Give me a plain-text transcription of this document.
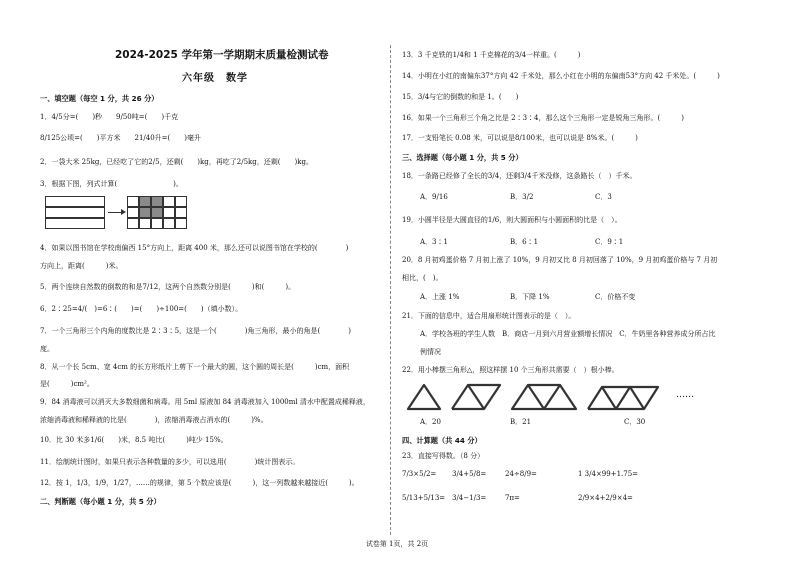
2024-2025 学年第一学期期末质量检测试卷
六年级　数学
一、填空题（每空 1 分，共 26 分）
1．4/5分=(　　)秒　　9/50吨=(　　)千克
8/125公顷=(　　)平方米　　21/40升=(　　)毫升
2．一袋大米 25kg，已经吃了它的2/5，还剩(　　)kg，再吃了2/5kg，还剩(　　)kg。
3．根据下图，列式计算(　　　　　　　　)。
4．如果以图书馆在学校南偏西 15°方向上，距离 400 米，那么还可以说图书馆在学校的(　　　　)
方向上，距离(　　　)米。
5．两个连续自然数的倒数的和是7/12，这两个自然数分别是(　　　)和(　　　)。
6．2∶25=4/(　)=6∶(　　)=(　　)÷100=(　　)（填小数）。
7．一个三角形三个内角的度数比是 2∶3∶5，这是一个(　　　　)角三角形，最小的角是(　　　　)
度。
8．从一个长 5cm、宽 4cm 的长方形纸片上剪下一个最大的圆，这个圆的周长是(　　　)cm，面积
是(　　　)cm²。
9．84 消毒液可以消灭大多数细菌和病毒。用 5ml 原液加 84 消毒液加入 1000ml 清水中配置成稀释液，
浓缩消毒液和稀释液的比是(　　　　)，浓缩消毒液占消水的(　　　)%。
10．比 30 米多1/6(　　)米，8.5 吨比(　　　)吨少 15%。
11．绘制统计图时，如果只表示各种数量的多少，可以选用(　　　　)统计图表示。
12．按 1，1/3，1/9，1/27，……的规律，第 5 个数应该是(　　　)，这一列数越来越接近(　　　)。
二、判断题（每小题 1 分，共 5 分）
13．3 千克铁的1/4和 1 千克棉花的3/4一样重。(　　　)
14．小明在小红的南偏东37°方向 42 千米处，那么小红在小明的东偏南53°方向 42 千米处。(　　　)
15．3/4与它的倒数的和是 1。(　　)
16．如果一个三角形三个角之比是 2∶3∶4，那么这个三角形一定是锐角三角形。(　　　)
17．一支铅笔长 0.08 米，可以说是8/100米，也可以说是 8%米。(　　　)
三、选择题（每小题 1 分，共 5 分）
18．一条路已经修了全长的3/4，还剩3/4千米没修，这条路长（　）千米。
A．9/16	B．3/2	C．3
19．小圆半径是大圆直径的1/6，则大圆面积与小圆面积的比是（　）。
A．3∶1	B．6∶1	C．9∶1
20．8 月初鸡蛋价格 7 月初上涨了 10%，9 月初又比 8 月初回落了 10%，9 月初鸡蛋价格与 7 月初
相比，(　)。
A．上涨 1%	B．下降 1%	C．价格不变
21．下面的信息中，适合用扇形统计图表示的是（　）。
A．学校各班的学生人数　B．商店一月到六月营业额增长情况　C．牛奶里各种营养成分所占比
例情况
22．用小棒摆三角形△，照这样摆 10 个三角形共需要（　）根小棒。
……
A．20	B．21	C．30
四、计算题（共 44 分）
23．直接写得数。（8 分）
7/3×5/2= 3/4+5/8=	24÷8/9=	1 3/4×99+1.75=
5/13+5/13= 3/4−1/3=	7π=	2/9×4+2/9×4=
试卷第 1页，共 2页
